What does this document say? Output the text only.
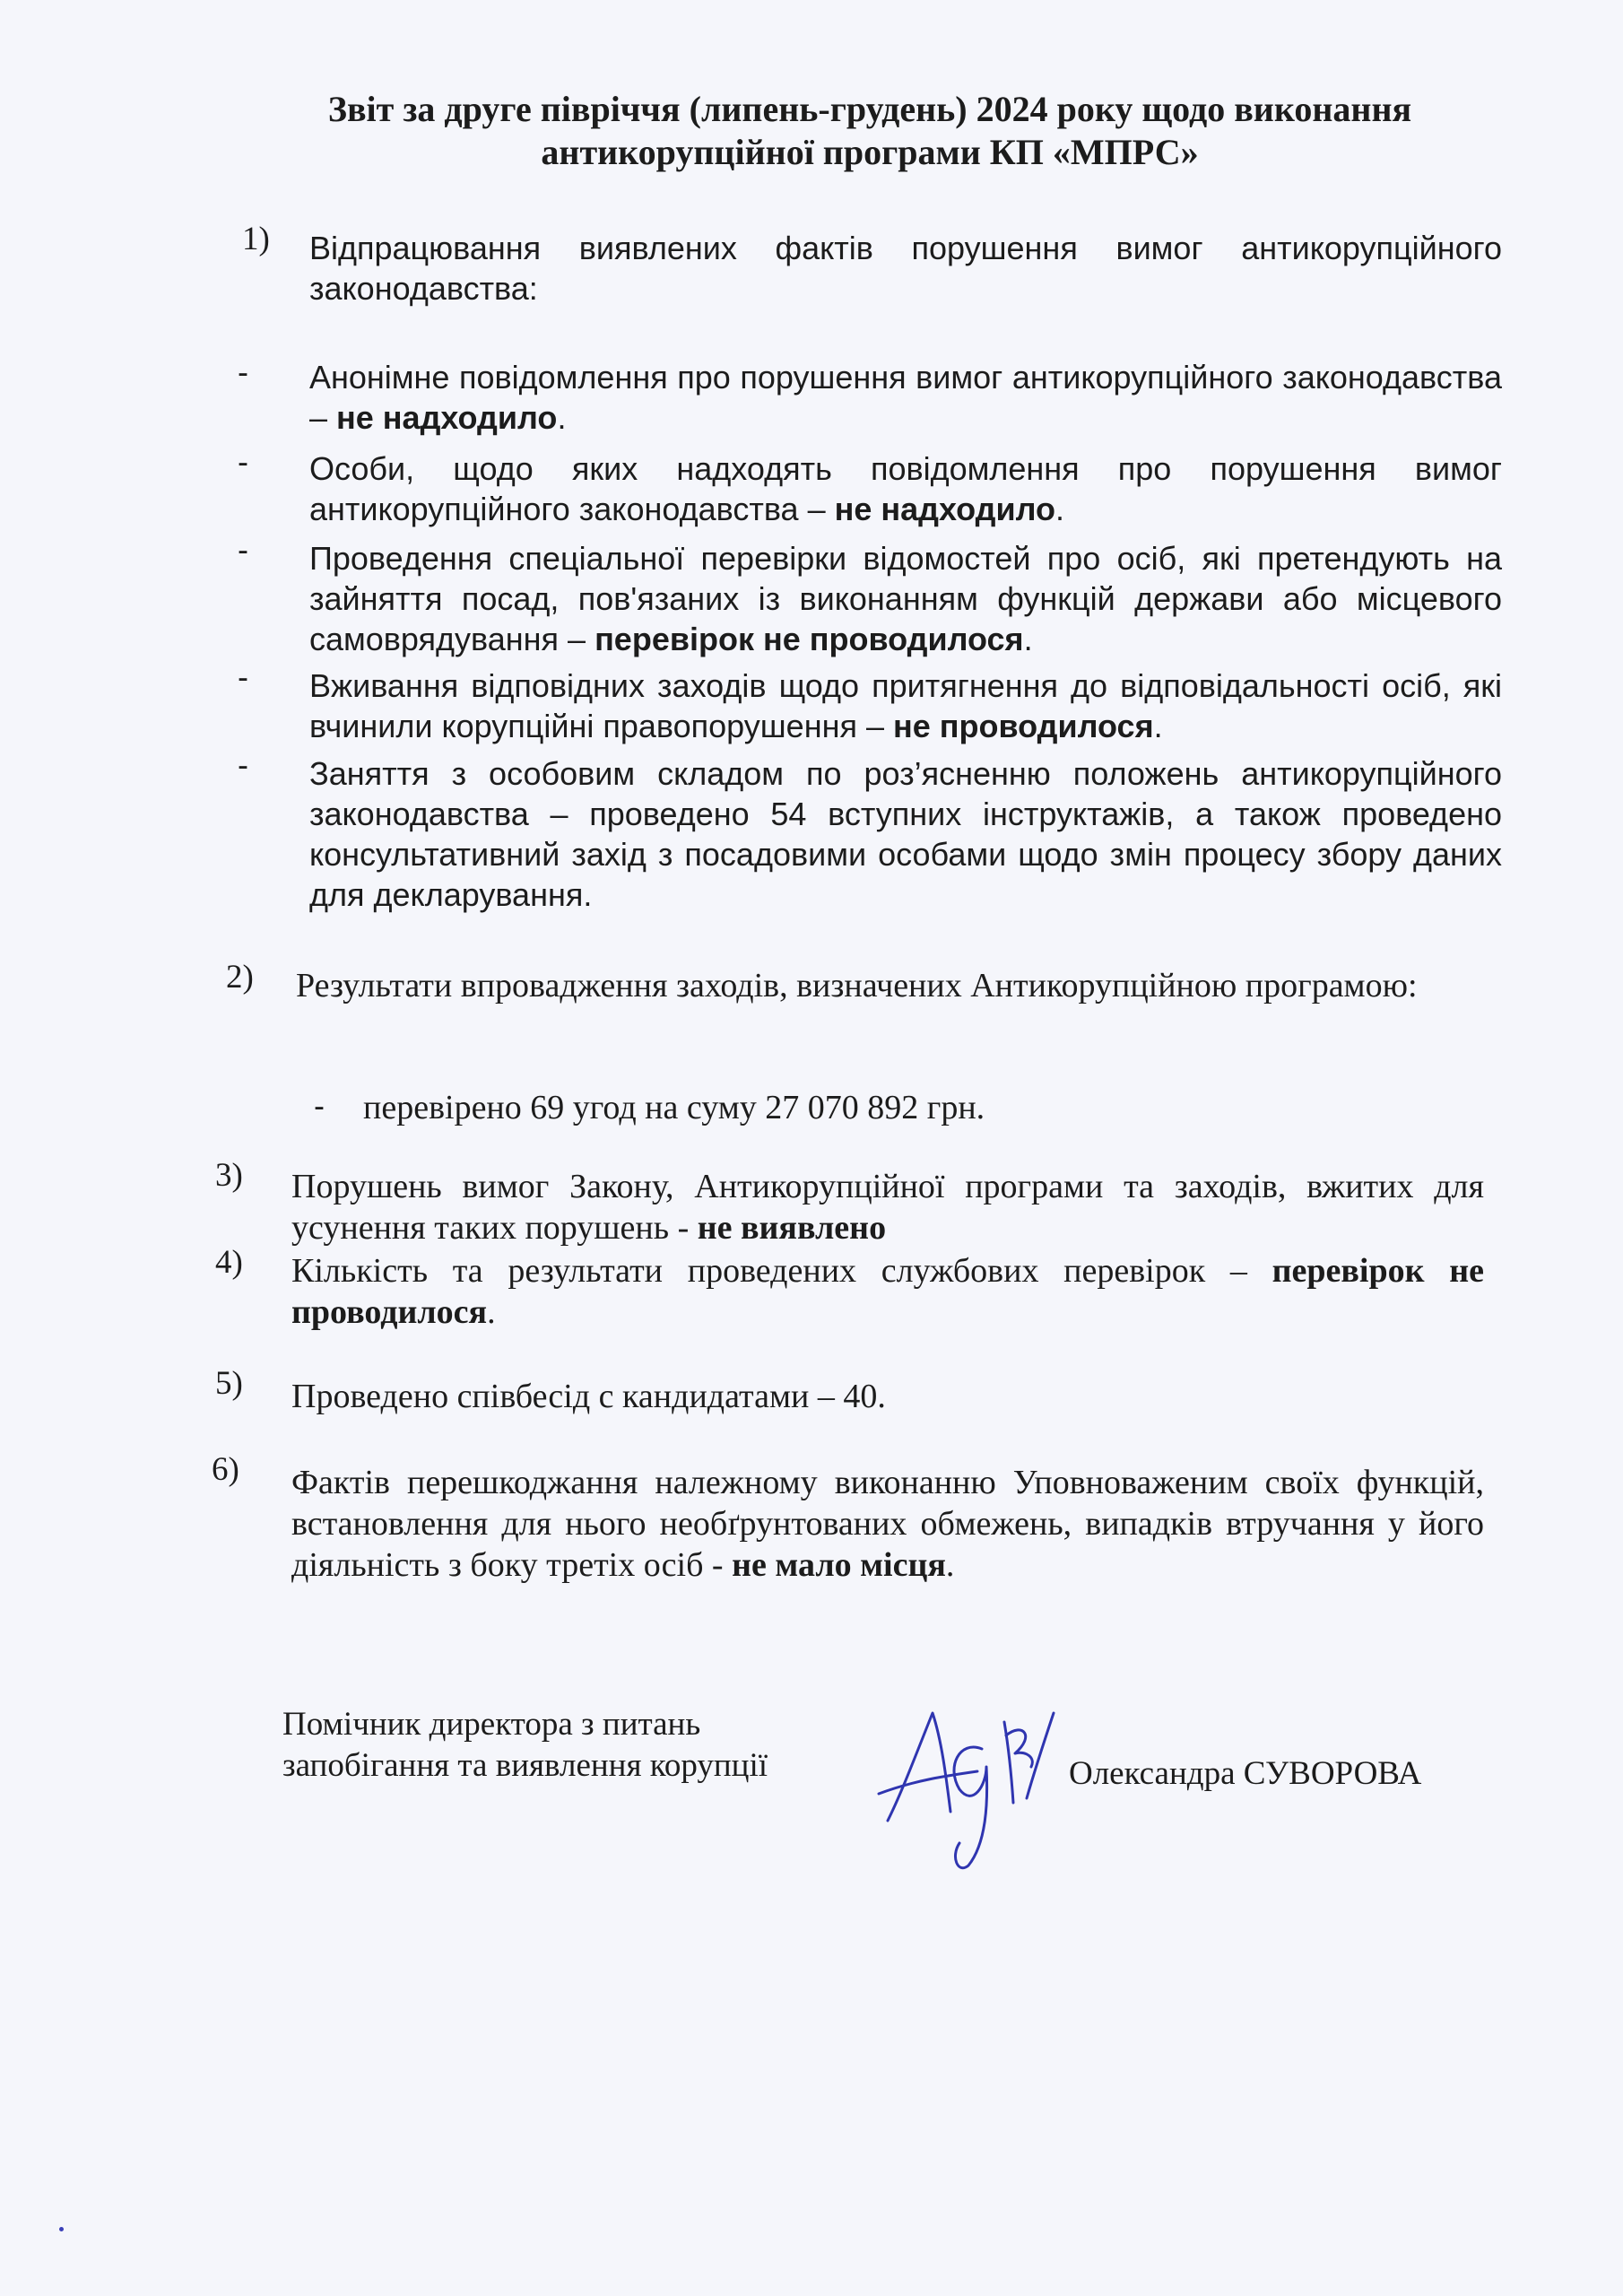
Звіт за друге півріччя (липень-грудень) 2024 року щодо виконання
антикорупційної програми КП «МПРС»
1) Відпрацювання виявлених фактів порушення вимог антикорупційного законодавства:
- Анонімне повідомлення про порушення вимог антикорупційного законодавства – не надходило.
- Особи, щодо яких надходять повідомлення про порушення вимог антикорупційного законодавства – не надходило.
- Проведення спеціальної перевірки відомостей про осіб, які претендують на зайняття посад, пов'язаних із виконанням функцій держави або місцевого самоврядування – перевірок не проводилося.
- Вживання відповідних заходів щодо притягнення до відповідальності осіб, які вчинили корупційні правопорушення – не проводилося.
- Заняття з особовим складом по роз’ясненню положень антикорупційного законодавства – проведено 54 вступних інструктажів, а також проведено консультативний захід з посадовими особами щодо змін процесу збору даних для декларування.
2) Результати впровадження заходів, визначених Антикорупційною програмою:
- перевірено 69 угод на суму 27 070 892 грн.
3) Порушень вимог Закону, Антикорупційної програми та заходів, вжитих для усунення таких порушень - не виявлено
4) Кількість та результати проведених службових перевірок – перевірок не проводилося.
5) Проведено співбесід с кандидатами – 40.
6) Фактів перешкоджання належному виконанню Уповноваженим своїх функцій, встановлення для нього необґрунтованих обмежень, випадків втручання у його діяльність з боку третіх осіб - не мало місця.
Помічник директора з питань
запобігання та виявлення корупції	Олександра СУВОРОВА
